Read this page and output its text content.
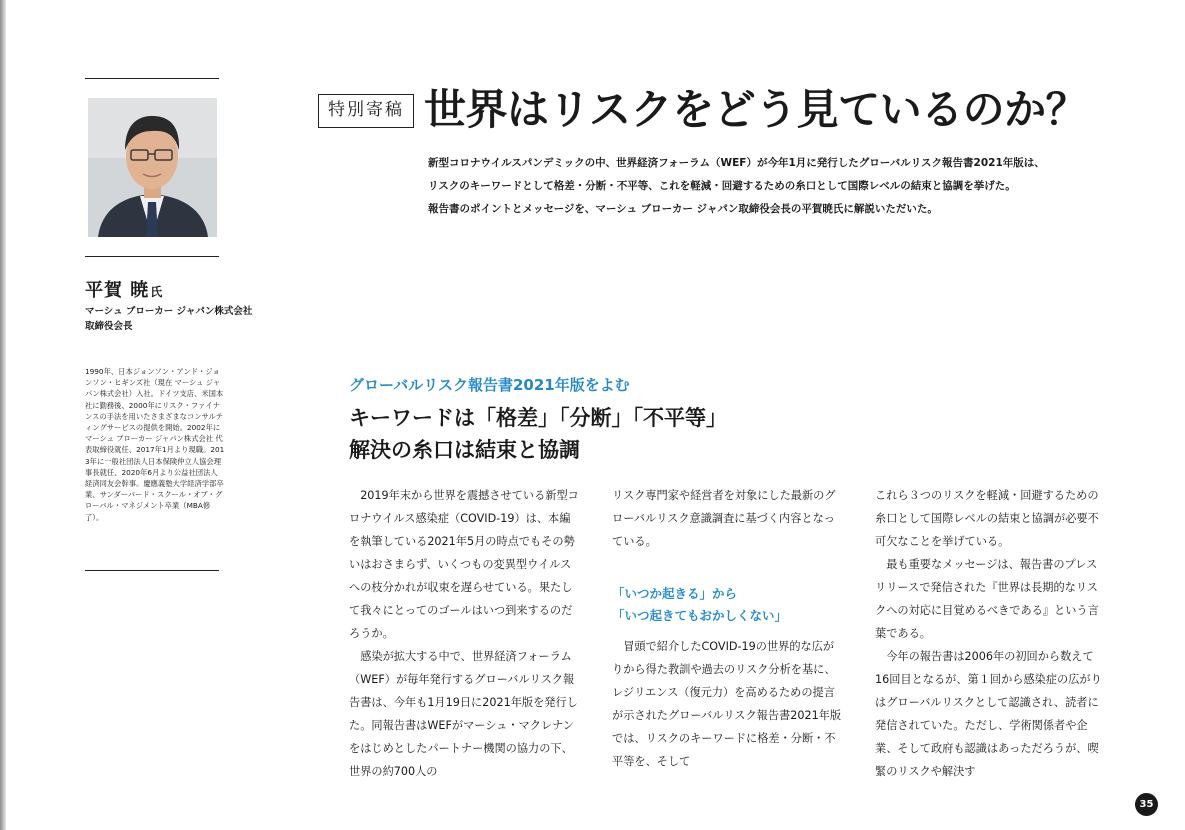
平賀 暁氏
マーシュ ブローカー ジャパン株式会社
取締役会長

1990年、日本ジョンソン・アンド・ジョンソン・ヒギンズ社（現在 マーシュ ジャパン株式会社）入社。ドイツ支店、米国本社に勤務後、2000年にリスク・ファイナンスの手法を用いたさまざまなコンサルティングサービスの提供を開始。2002年にマーシュ ブローカー ジャパン株式会社 代表取締役就任、2017年1月より現職。2013年に一般社団法人日本保険仲立人協会理事長就任、2020年6月より公益社団法人　経済同友会幹事。慶應義塾大学経済学部卒業、サンダーバード・スクール・オブ・グローバル・マネジメント卒業（MBA修了）。

特別寄稿 世界はリスクをどう見ているのか？

新型コロナウイルスパンデミックの中、世界経済フォーラム（WEF）が今年1月に発行したグローバルリスク報告書2021年版は、

リスクのキーワードとして格差・分断・不平等、これを軽減・回避するための糸口として国際レベルの結束と協調を挙げた。

報告書のポイントとメッセージを、マーシュ ブローカー ジャパン取締役会長の平賀暁氏に解説いただいた。

グローバルリスク報告書2021年版をよむ
キーワードは「格差」「分断」「不平等」
解決の糸口は結束と協調

2019年末から世界を震撼させている新型コロナウイルス感染症（COVID-19）は、本編を執筆している2021年5月の時点でもその勢いはおさまらず、いくつもの変異型ウイルスへの枝分かれが収束を遅らせている。果たして我々にとってのゴールはいつ到来するのだろうか。

感染が拡大する中で、世界経済フォーラム（WEF）が毎年発行するグローバルリスク報告書は、今年も1月19日に2021年版を発行した。同報告書はWEFがマーシュ・マクレナンをはじめとしたパートナー機関の協力の下、世界の約700人の

リスク専門家や経営者を対象にした最新のグローバルリスク意識調査に基づく内容となっている。

「いつか起きる」から
「いつ起きてもおかしくない」

冒頭で紹介したCOVID-19の世界的な広がりから得た教訓や過去のリスク分析を基に、レジリエンス（復元力）を高めるための提言が示されたグローバルリスク報告書2021年版では、リスクのキーワードに格差・分断・不平等を、そして

これら３つのリスクを軽減・回避するための糸口として国際レベルの結束と協調が必要不可欠なことを挙げている。

最も重要なメッセージは、報告書のプレスリリースで発信された『世界は長期的なリスクへの対応に目覚めるべきである』という言葉である。

今年の報告書は2006年の初回から数えて16回目となるが、第１回から感染症の広がりはグローバルリスクとして認識され、読者に発信されていた。ただし、学術関係者や企業、そして政府も認識はあっただろうが、喫緊のリスクや解決す

35
